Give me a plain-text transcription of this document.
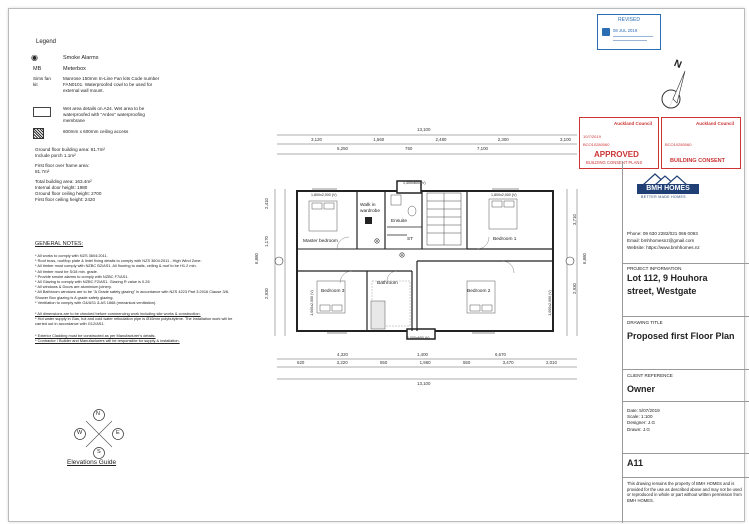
Legend
◉	Smoke Alarms
MB	Meterbox
Sims fan kit
Manrose 150mm In-Line Fan kits Code number FAN0101. Waterproofed cowl to be used for external wall mount.
Wet area details on A24. Wet area to be waterproofed with "Ardex" waterproofing membrane
600mm x 600mm ceiling access
Ground floor building area: 81.7m²
Include porch 1.1m²
First floor over frame area:
81.7m²
Total building area: 163.4m²
Internal door height: 1980
Ground floor ceiling height: 2700
First floor ceiling height: 2420
GENERAL NOTES:
* All works to comply with NZS 3604:2011.
* Roof truss, roof/top plate & lintel fixing details to comply with NZS 3604:2011 - High Wind Zone.
* All timber must comply with NZBC B2/AS1. All flooring to walls, ceiling & roof to be H1.2 min.
* All timber must be SG8 min. grade.
* Provide smoke alarms to comply with NZBC F7/AS1.
* All Glazing to comply with NZBC F2/AS1. Glazing R value is 0.26
* All windows & Doors are aluminium joinery.
* All Bathroom windows are to be "A Grade safety glazing" in accordance with NZS 4223 Part 3:2016 Clause 3/8. Shower Box glazing is A grade safety glazing.
* Ventilation to comply with G4/AS1 & AS 1668 (mecanical ventilation).
* All dimensions are to be checked before commencing work including site works & construction.
* Hot water supply in Gas, hot and cold water reticulation pipe is Ø16mm polybutylene. The installation work will be carried out in accordance with G12/AS1.
* Exterior Cladding must be constructed as per Manufacturer's details.
* Contractor / Builder and Manufacturers will be responsible for supply & installation.
N
S
W	E
Elevations Guide
REVISED
08 JUL 2019
N
Auckland Council
10/7/2019
BCO10280060
APPROVED
BUILDING CONSENT PLANS
Auckland Council
BCO10280060
BUILDING CONSENT
13,100
3,120	1,560	2,480	2,300	3,100
5,250	750	7,100
4,320	1,400	6,670
620	3,220	550	1,960	550	3,470	2,010
13,100
2,410
1,170
2,930
6,880
3,710
2,930
6,880
Master bedroom
Walk in wardrobe
Ensuite
ST	Bedroom 1
Bedroom 3
Bathroom
Bedroom 2
1,800x2,000 (V)	1,800x2,000 (V)
1,400x600 (V)
1,000x600 (V)
1,000x2,000 (V)	1,000x2,000 (V)
BMH HOMES
BETTER MADE HOMES
Phone: 09 630 2282/021 066 0093
Email: bmhhomesnz@gmail.com
Website: https://www.bmhhomes.nz
PROJECT INFORMATION
Lot 112, 9 Houhora street, Westgate
DRAWING TITLE
Proposed first Floor Plan
CLIENT REFERENCE
Owner
Date: 5/07/2019
Scale: 1:100
Designer: J.G
Drawn: J.G
A11
This drawing remains the property of BMH HOMES and is provided for the use as described above and may not be used or reproduced in whole or part without written permission from BMH HOMES.
